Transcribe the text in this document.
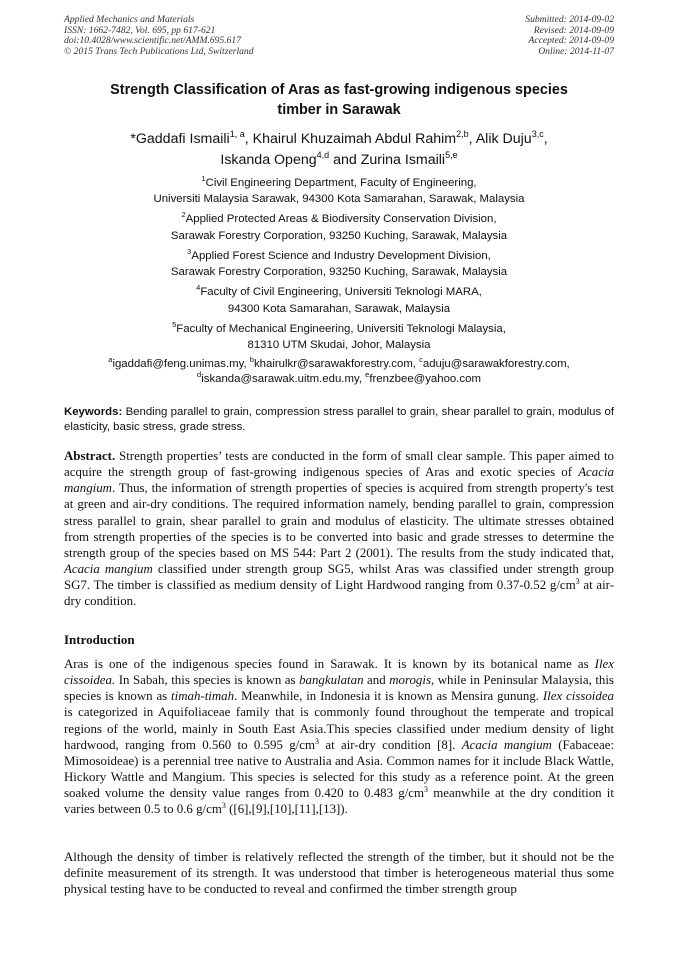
Applied Mechanics and Materials
ISSN: 1662-7482, Vol. 695, pp 617-621
doi:10.4028/www.scientific.net/AMM.695.617
© 2015 Trans Tech Publications Ltd, Switzerland
Submitted: 2014-09-02
Revised: 2014-09-09
Accepted: 2014-09-09
Online: 2014-11-07
Strength Classification of Aras as fast-growing indigenous species
timber in Sarawak
*Gaddafi Ismaili$^{1, a}$, Khairul Khuzaimah Abdul Rahim$^{2,b}$, Alik Duju$^{3,c}$,
Iskanda Openg$^{4,d}$ and Zurina Ismaili$^{5,e}$
$^1$Civil Engineering Department, Faculty of Engineering,
Universiti Malaysia Sarawak, 94300 Kota Samarahan, Sarawak, Malaysia
$^2$Applied Protected Areas & Biodiversity Conservation Division,
Sarawak Forestry Corporation, 93250 Kuching, Sarawak, Malaysia
$^3$Applied Forest Science and Industry Development Division,
Sarawak Forestry Corporation, 93250 Kuching, Sarawak, Malaysia
$^4$Faculty of Civil Engineering, Universiti Teknologi MARA,
94300 Kota Samarahan, Sarawak, Malaysia
$^5$Faculty of Mechanical Engineering, Universiti Teknologi Malaysia,
81310 UTM Skudai, Johor, Malaysia
$^a$igaddafi@feng.unimas.my, $^b$khairulkr@sarawakforestry.com, $^c$aduju@sarawakforestry.com,
$^d$iskanda@sarawak.uitm.edu.my, $^e$frenzbee@yahoo.com
Keywords: Bending parallel to grain, compression stress parallel to grain, shear parallel to grain, modulus of elasticity, basic stress, grade stress.
Abstract. Strength properties’ tests are conducted in the form of small clear sample. This paper aimed to acquire the strength group of fast-growing indigenous species of Aras and exotic species of Acacia mangium. Thus, the information of strength properties of species is acquired from strength property's test at green and air-dry conditions. The required information namely, bending parallel to grain, compression stress parallel to grain, shear parallel to grain and modulus of elasticity. The ultimate stresses obtained from strength properties of the species is to be converted into basic and grade stresses to determine the strength group of the species based on MS 544: Part 2 (2001). The results from the study indicated that, Acacia mangium classified under strength group SG5, whilst Aras was classified under strength group SG7. The timber is classified as medium density of Light Hardwood ranging from 0.37-0.52 $g/cm^3$ at air-dry condition.
Introduction
Aras is one of the indigenous species found in Sarawak. It is known by its botanical name as Ilex cissoidea. In Sabah, this species is known as bangkulatan and morogis, while in Peninsular Malaysia, this species is known as timah-timah. Meanwhile, in Indonesia it is known as Mensira gunung. Ilex cissoidea is categorized in Aquifoliaceae family that is commonly found throughout the temperate and tropical regions of the world, mainly in South East Asia.This species classified under medium density of light hardwood, ranging from 0.560 to 0.595 $g/cm^3$ at air-dry condition [8]. Acacia mangium (Fabaceae: Mimosoideae) is a perennial tree native to Australia and Asia. Common names for it include Black Wattle, Hickory Wattle and Mangium. This species is selected for this study as a reference point. At the green soaked volume the density value ranges from 0.420 to 0.483 $g/cm^3$ meanwhile at the dry condition it varies between 0.5 to 0.6 $g/cm^3$ ([6],[9],[10],[11],[13]).
Although the density of timber is relatively reflected the strength of the timber, but it should not be the definite measurement of its strength. It was understood that timber is heterogeneous material thus some physical testing have to be conducted to reveal and confirmed the timber strength group
